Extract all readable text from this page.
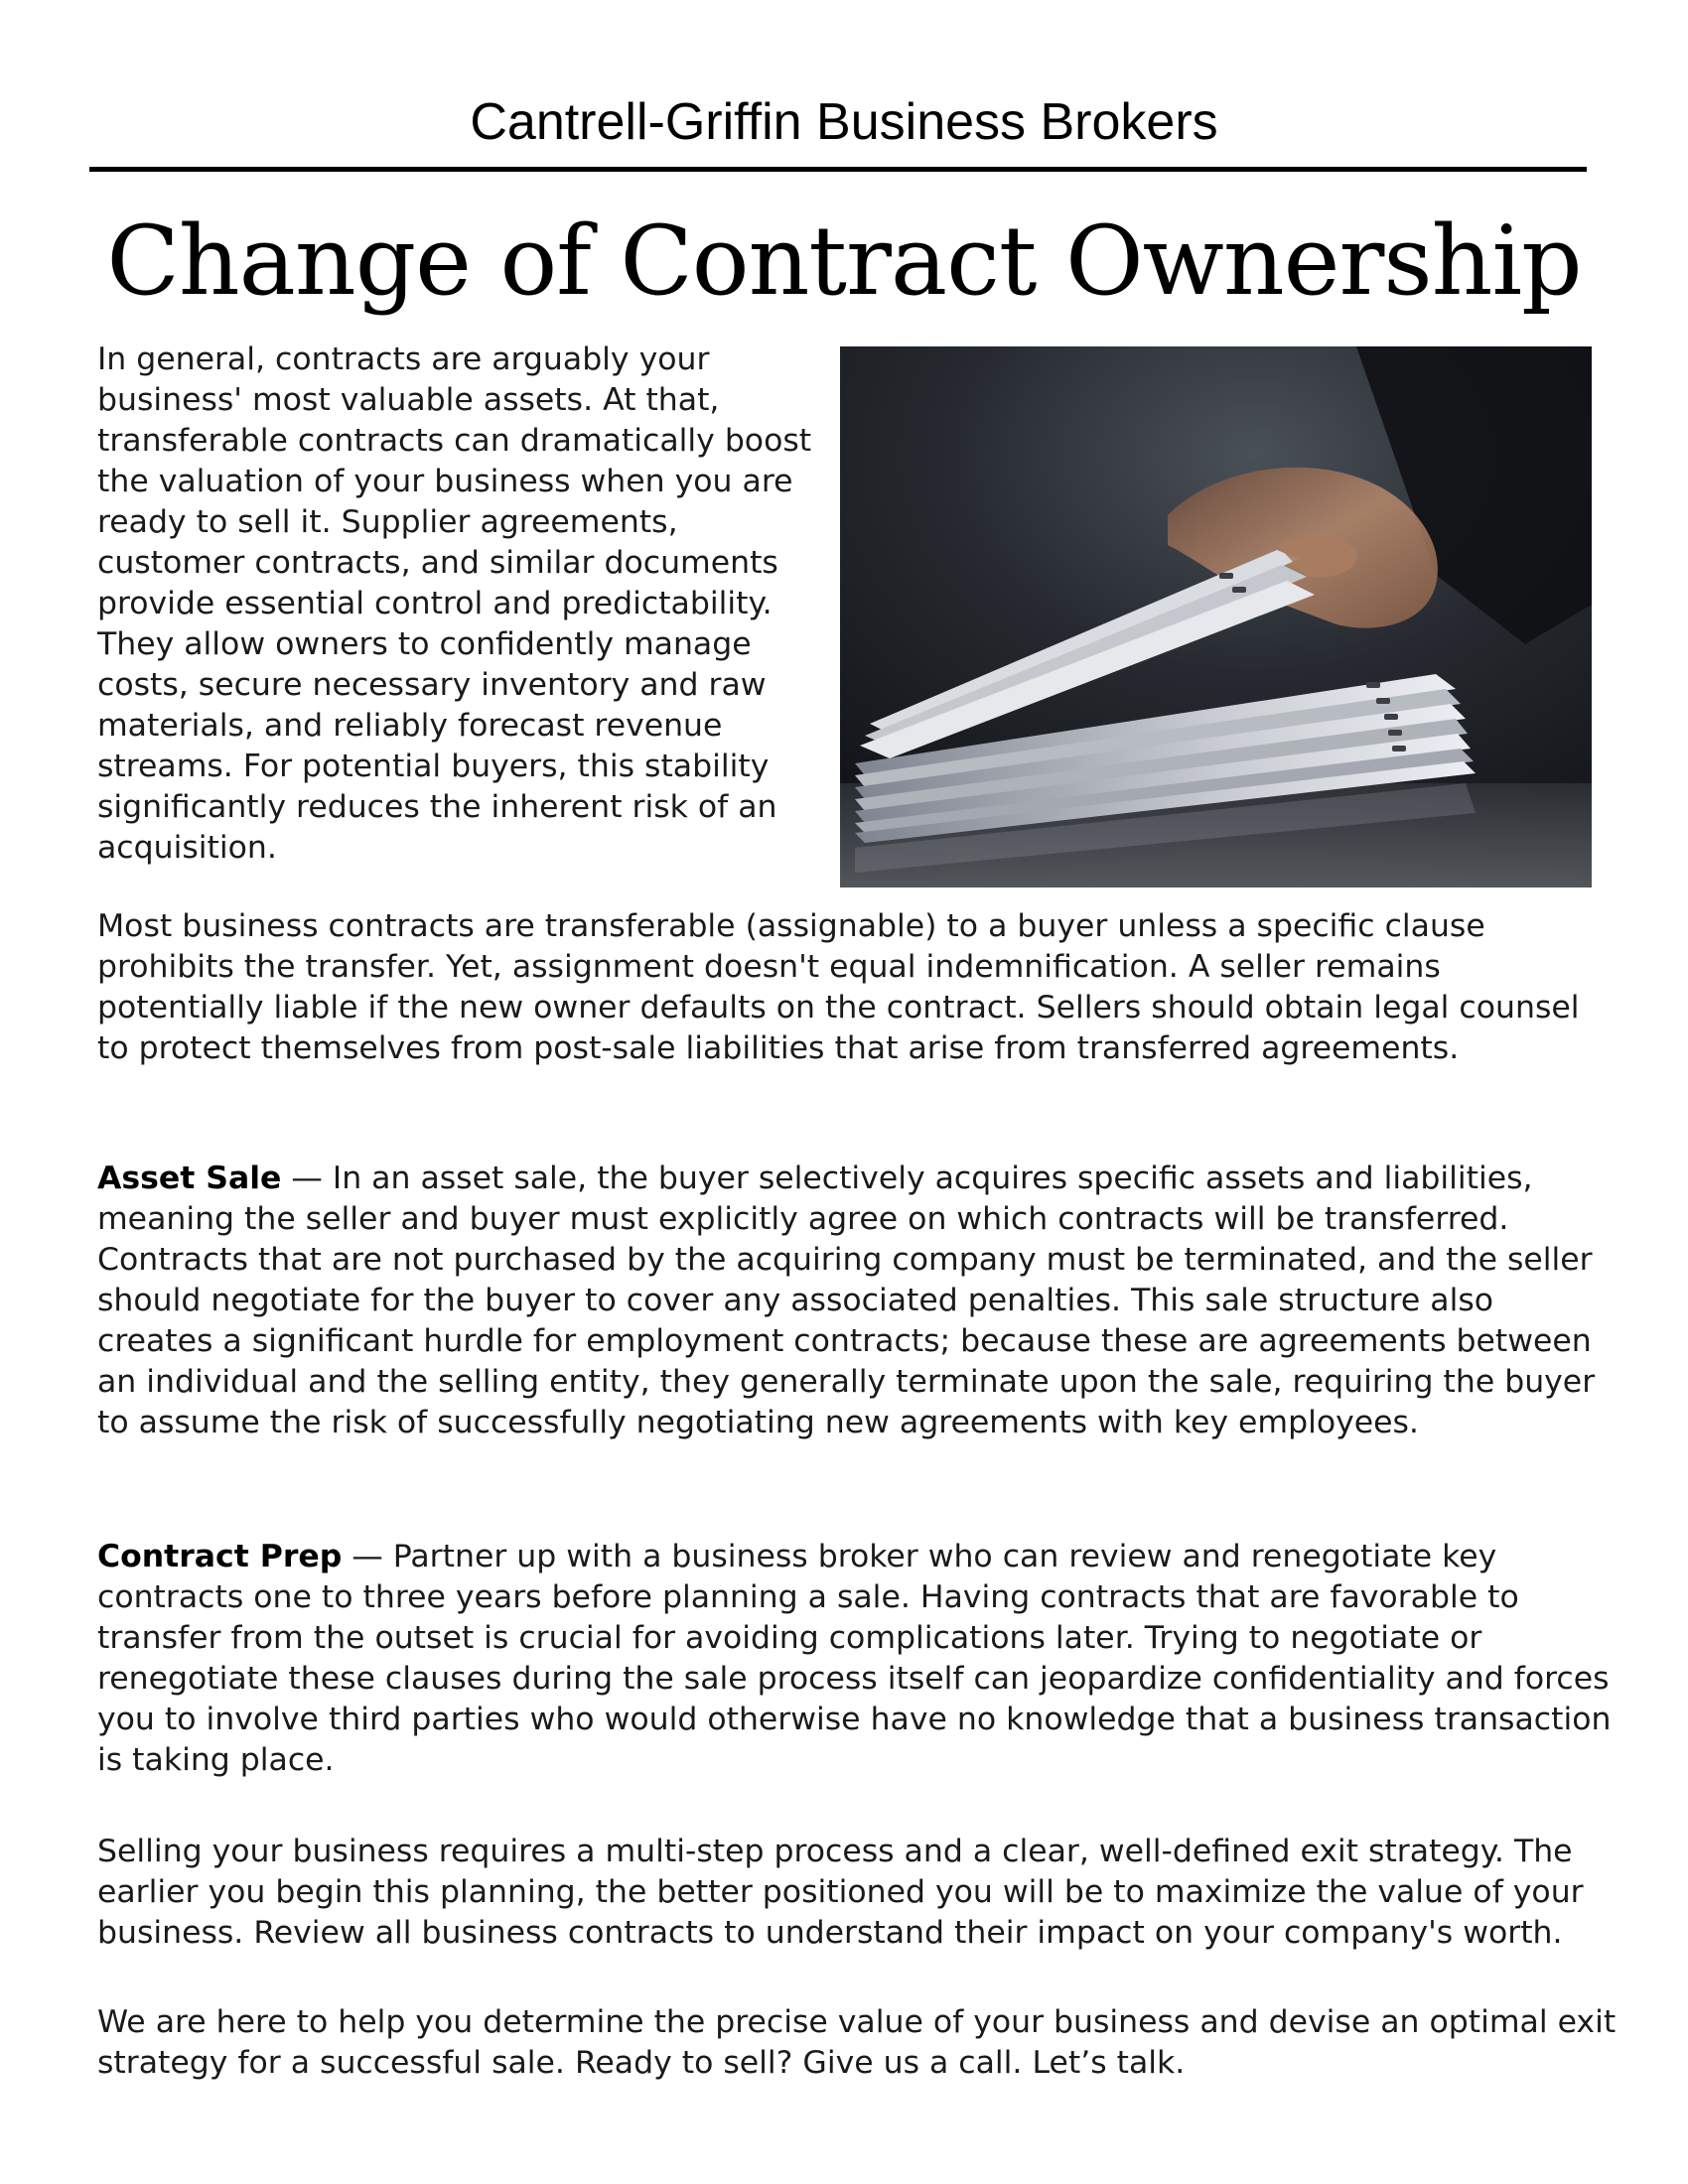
Cantrell-Griffin Business Brokers
Change of Contract Ownership

In general, contracts are arguably your business' most valuable assets. At that, transferable contracts can dramatically boost the valuation of your business when you are ready to sell it. Supplier agreements, customer contracts, and similar documents provide essential control and predictability. They allow owners to confidently manage costs, secure necessary inventory and raw materials, and reliably forecast revenue streams. For potential buyers, this stability significantly reduces the inherent risk of an acquisition.

Most business contracts are transferable (assignable) to a buyer unless a specific clause prohibits the transfer. Yet, assignment doesn't equal indemnification. A seller remains potentially liable if the new owner defaults on the contract. Sellers should obtain legal counsel to protect themselves from post-sale liabilities that arise from transferred agreements.

Asset Sale — In an asset sale, the buyer selectively acquires specific assets and liabilities, meaning the seller and buyer must explicitly agree on which contracts will be transferred. Contracts that are not purchased by the acquiring company must be terminated, and the seller should negotiate for the buyer to cover any associated penalties. This sale structure also creates a significant hurdle for employment contracts; because these are agreements between an individual and the selling entity, they generally terminate upon the sale, requiring the buyer to assume the risk of successfully negotiating new agreements with key employees.

Contract Prep — Partner up with a business broker who can review and renegotiate key contracts one to three years before planning a sale. Having contracts that are favorable to transfer from the outset is crucial for avoiding complications later. Trying to negotiate or renegotiate these clauses during the sale process itself can jeopardize confidentiality and forces you to involve third parties who would otherwise have no knowledge that a business transaction is taking place.

Selling your business requires a multi-step process and a clear, well-defined exit strategy. The earlier you begin this planning, the better positioned you will be to maximize the value of your business. Review all business contracts to understand their impact on your company's worth.

We are here to help you determine the precise value of your business and devise an optimal exit strategy for a successful sale. Ready to sell? Give us a call. Let’s talk.
